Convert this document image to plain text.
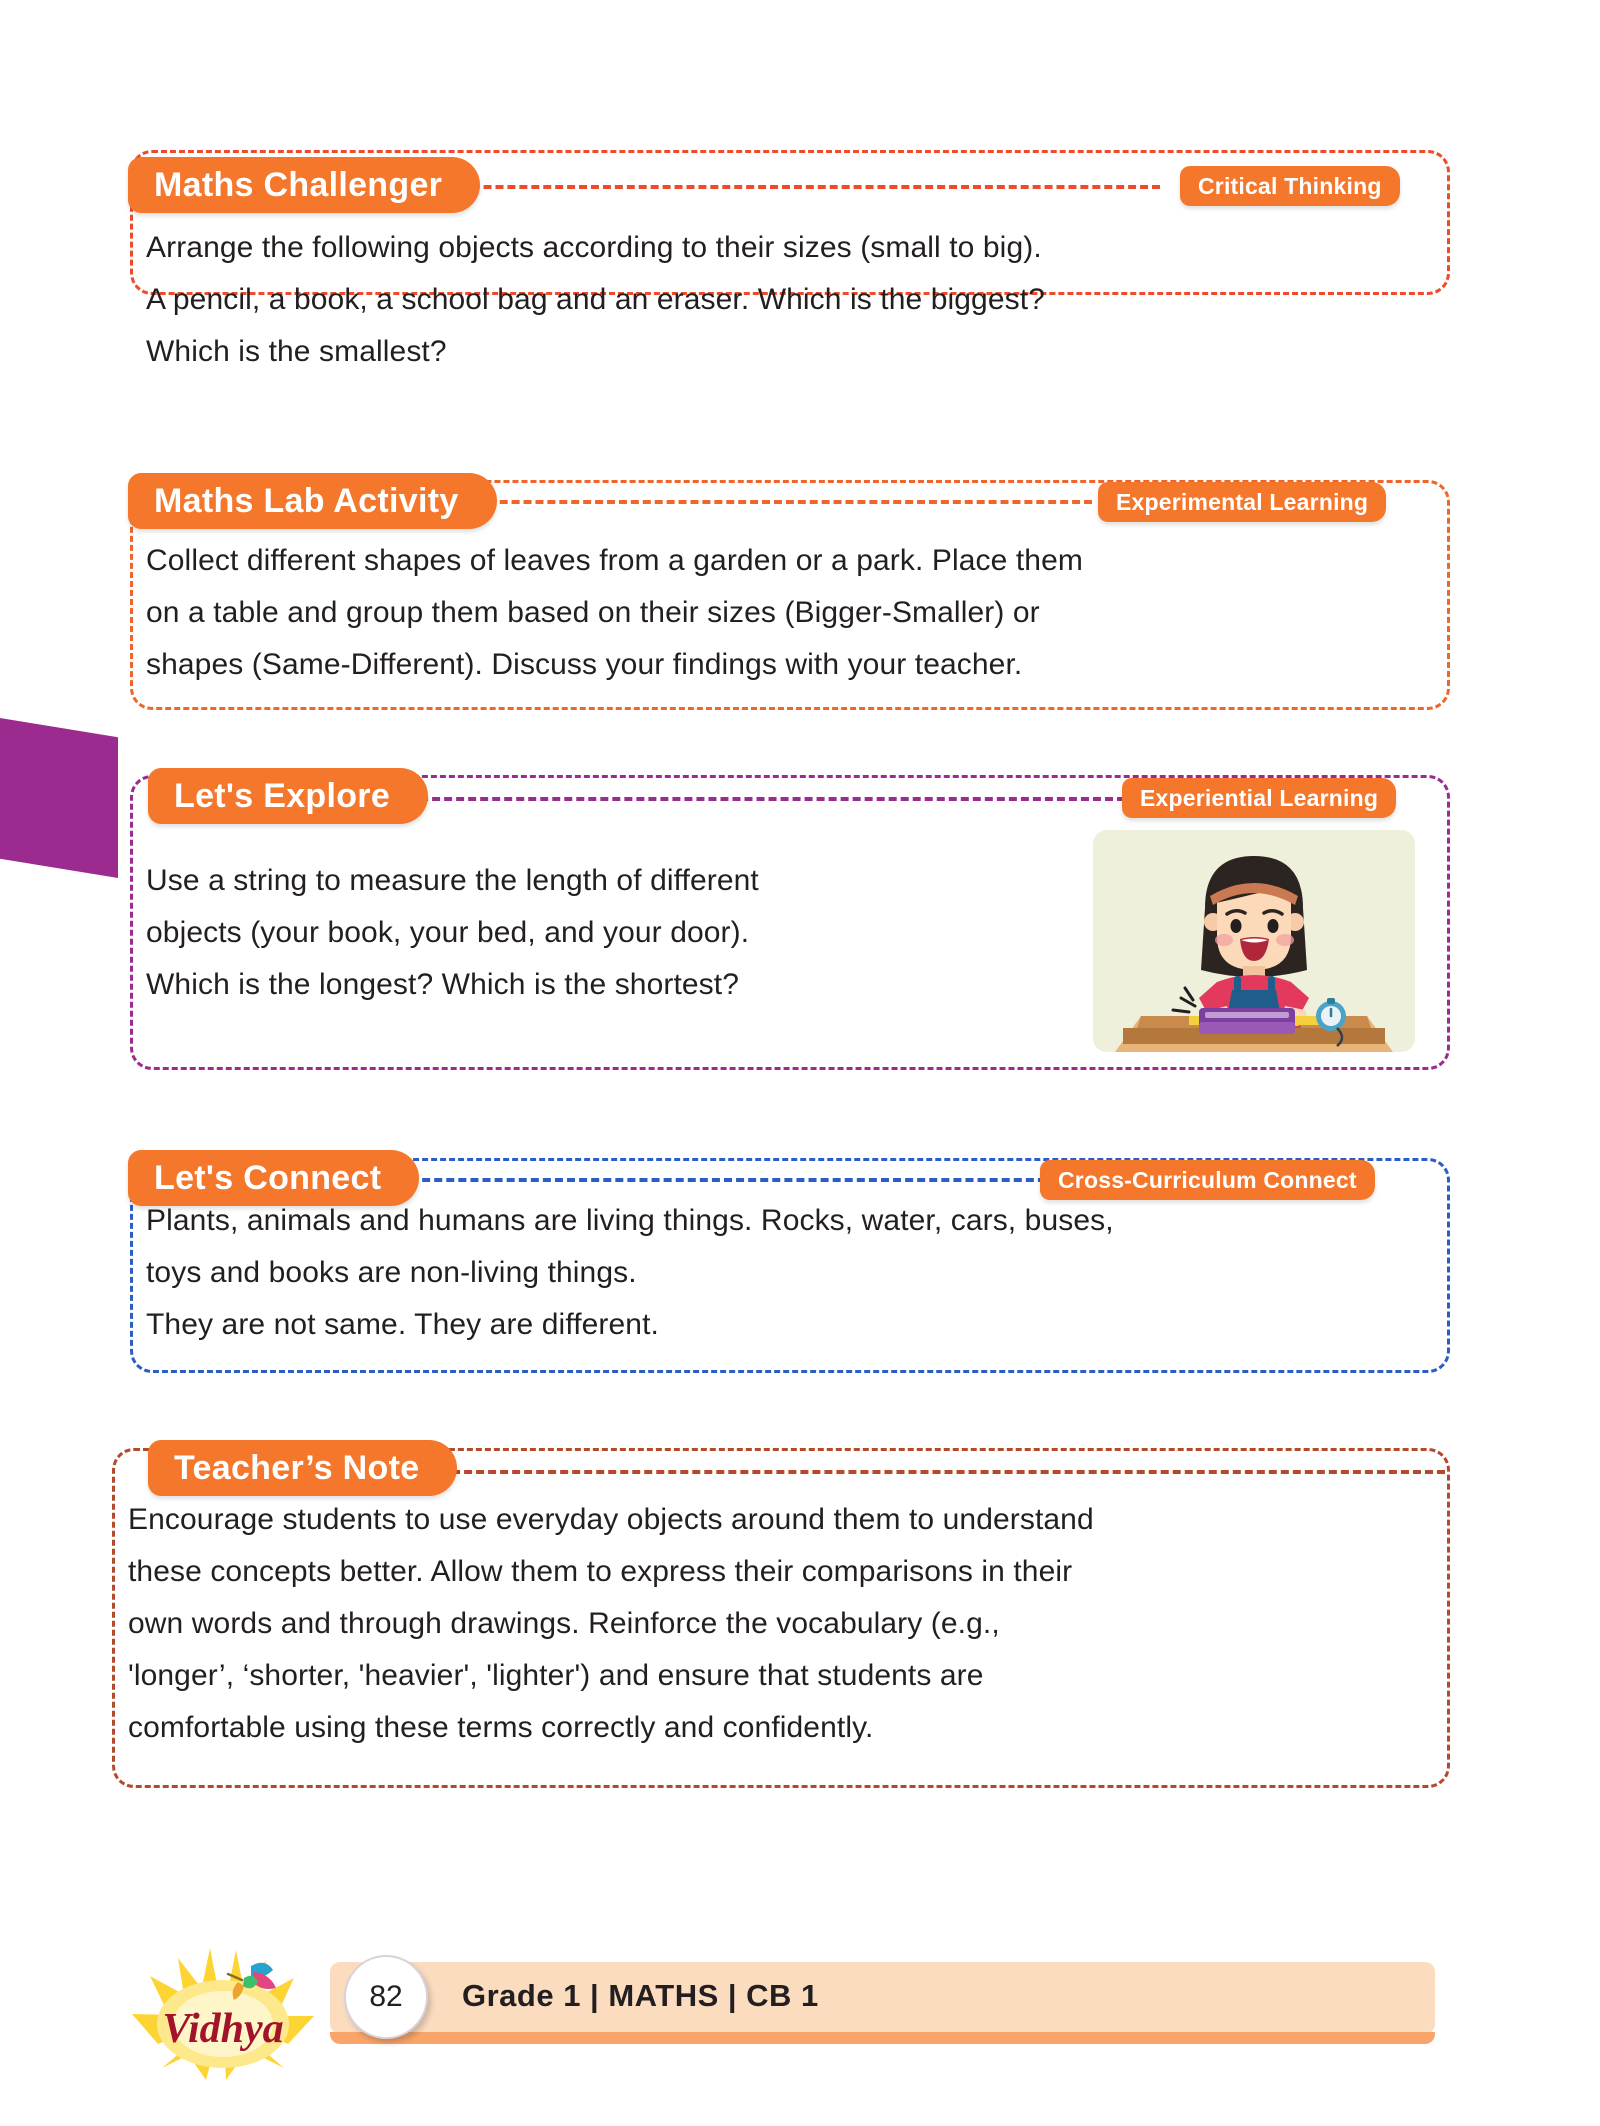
Maths Challenger	Critical Thinking

Arrange the following objects according to their sizes (small to big).

A pencil, a book, a school bag and an eraser. Which is the biggest?

Which is the smallest?

Maths Lab Activity	Experimental Learning

Collect different shapes of leaves from a garden or a park. Place them

on a table and group them based on their sizes (Bigger-Smaller) or

shapes (Same-Different). Discuss your findings with your teacher.

Let's Explore	Experiential Learning

Use a string to measure the length of different

objects (your book, your bed, and your door).

Which is the longest? Which is the shortest?

Let's Connect	Cross-Curriculum Connect

Plants, animals and humans are living things. Rocks, water, cars, buses,

toys and books are non-living things.

They are not same. They are different.

Teacher’s Note

Encourage students to use everyday objects around them to understand

these concepts better. Allow them to express their comparisons in their

own words and through drawings. Reinforce the vocabulary (e.g.,

'longer’, ‘shorter, 'heavier', 'lighter') and ensure that students are

comfortable using these terms correctly and confidently.

Vidhya
82	Grade 1 | MATHS | CB 1
